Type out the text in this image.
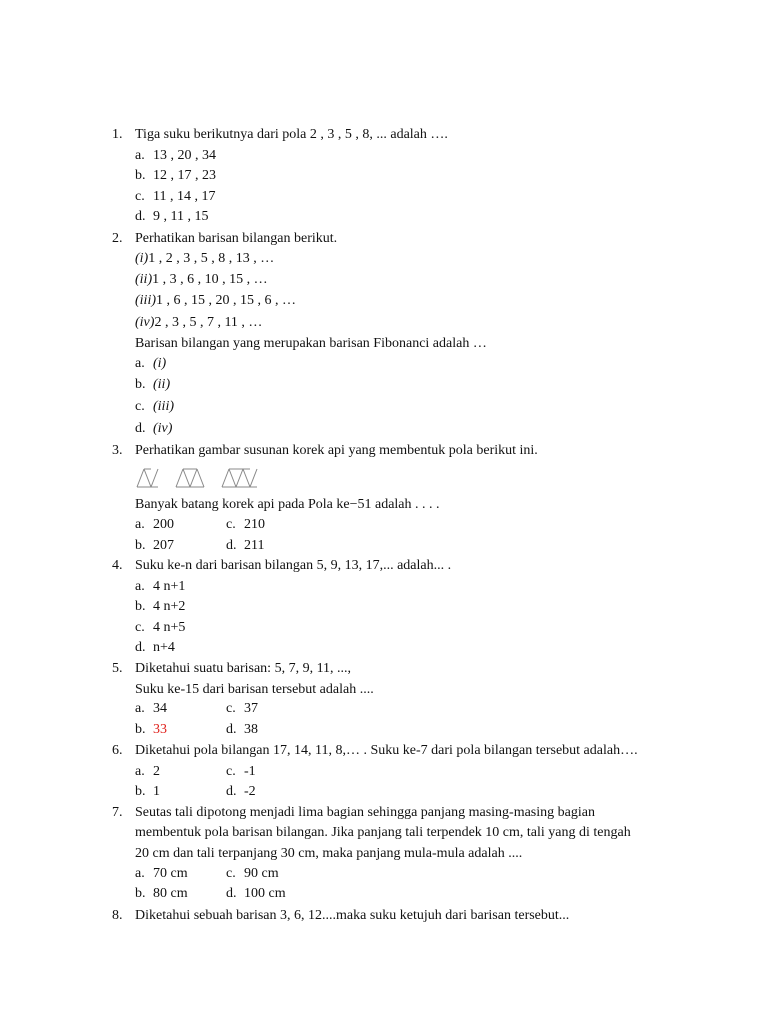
1. Tiga suku berikutnya dari pola 2 , 3 , 5 , 8, ... adalah ….
a. 13 , 20 , 34
b. 12 , 17 , 23
c. 11 , 14 , 17
d. 9 , 11 , 15
2. Perhatikan barisan bilangan berikut.
(i)1 , 2 , 3 , 5 , 8 , 13 , …
(ii)1 , 3 , 6 , 10 , 15 , …
(iii)1 , 6 , 15 , 20 , 15 , 6 , …
(iv)2 , 3 , 5 , 7 , 11 , …
Barisan bilangan yang merupakan barisan Fibonanci adalah …
a. (i)
b. (ii)
c. (iii)
d. (iv)
3. Perhatikan gambar susunan korek api yang membentuk pola berikut ini.
Banyak batang korek api pada Pola ke−51 adalah . . . .
a. 200	c. 210
b. 207	d. 211
4. Suku ke-n dari barisan bilangan 5, 9, 13, 17,... adalah... .
a. 4 n+1
b. 4 n+2
c. 4 n+5
d. n+4
5. Diketahui suatu barisan: 5, 7, 9, 11, ...,
Suku ke-15 dari barisan tersebut adalah ....
a. 34	c. 37
b. 33	d. 38
6. Diketahui pola bilangan 17, 14, 11, 8,… . Suku ke-7 dari pola bilangan tersebut adalah….
a. 2	c. -1
b. 1	d. -2
7. Seutas tali dipotong menjadi lima bagian sehingga panjang masing-masing bagian
membentuk pola barisan bilangan. Jika panjang tali terpendek 10 cm, tali yang di tengah
20 cm dan tali terpanjang 30 cm, maka panjang mula-mula adalah ....
a. 70 cm	c. 90 cm
b. 80 cm	d. 100 cm
8. Diketahui sebuah barisan 3, 6, 12....maka suku ketujuh dari barisan tersebut...
